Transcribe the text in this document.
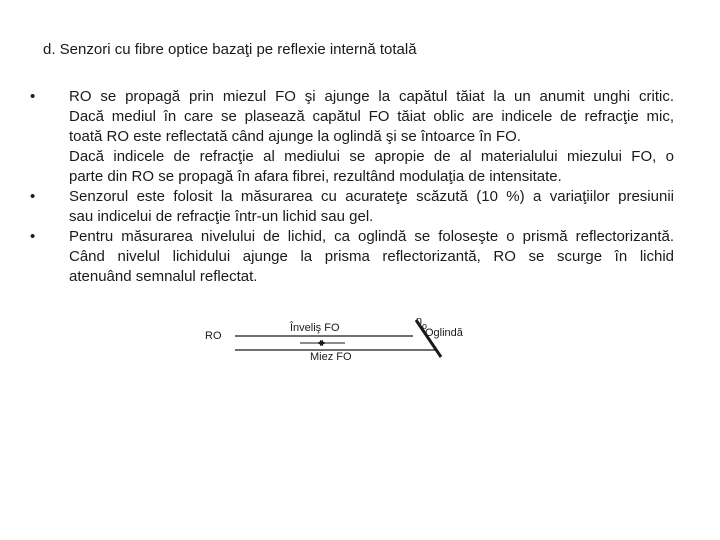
d. Senzori cu fibre optice bazaţi pe reflexie internă totală
•	RO se propagă prin miezul FO şi ajunge la capătul tăiat la un anumit unghi critic.
Dacă mediul în care se plasează capătul FO tăiat oblic are indicele de refracţie mic,
toată RO este reflectată când ajunge la oglindă şi se întoarce în FO.
Dacă indicele de refracţie al mediului se apropie de al materialului miezului FO, o
parte din RO se propagă în afara fibrei, rezultând modulaţia de intensitate.
•	Senzorul este folosit la măsurarea cu acurateţe scăzută (10 %) a variaţiilor presiunii
sau indicelui de refracţie într-un lichid sau gel.
•	Pentru măsurarea nivelului de lichid, ca oglindă se foloseşte o prismă reflectorizantă.
Când nivelul lichidului ajunge la prisma reflectorizantă, RO se scurge în lichid
atenuând semnalul reflectat.
RO
Înveliş FO
Miez FO
n o
Oglindă
